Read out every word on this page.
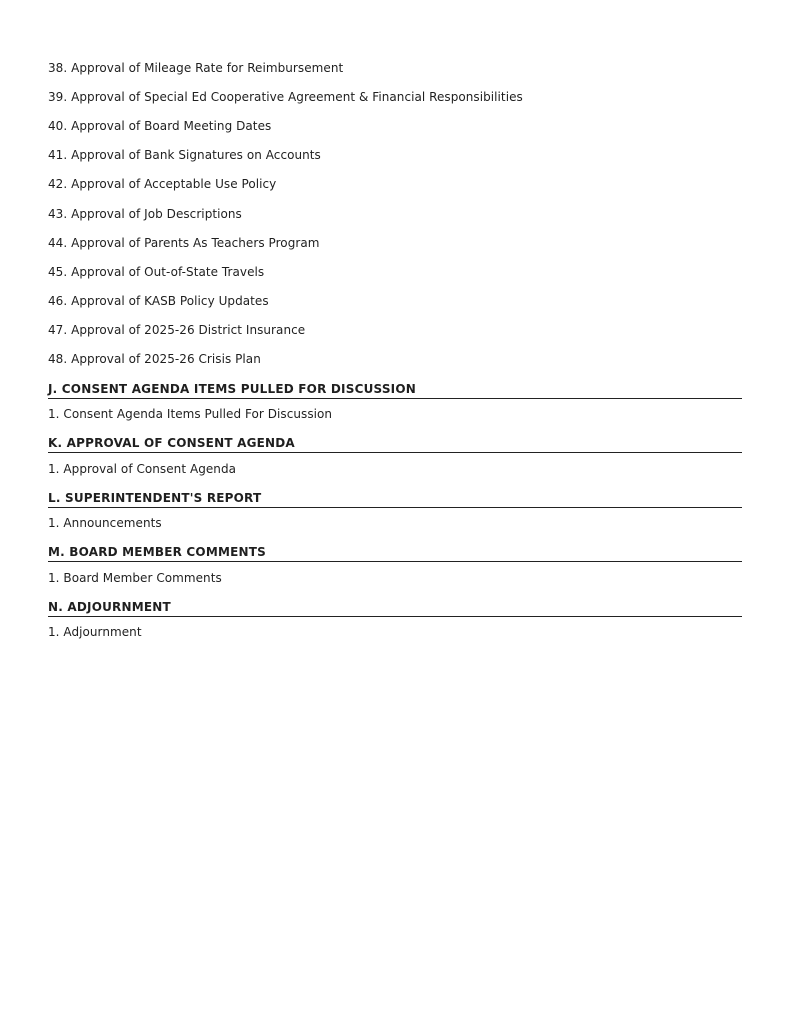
38. Approval of Mileage Rate for Reimbursement
39. Approval of Special Ed Cooperative Agreement & Financial Responsibilities
40. Approval of Board Meeting Dates
41. Approval of Bank Signatures on Accounts
42. Approval of Acceptable Use Policy
43. Approval of Job Descriptions
44. Approval of Parents As Teachers Program
45. Approval of Out-of-State Travels
46. Approval of KASB Policy Updates
47. Approval of 2025-26 District Insurance
48. Approval of 2025-26 Crisis Plan
J. CONSENT AGENDA ITEMS PULLED FOR DISCUSSION
1. Consent Agenda Items Pulled For Discussion
K. APPROVAL OF CONSENT AGENDA
1. Approval of Consent Agenda
L. SUPERINTENDENT'S REPORT
1. Announcements
M. BOARD MEMBER COMMENTS
1. Board Member Comments
N. ADJOURNMENT
1. Adjournment
